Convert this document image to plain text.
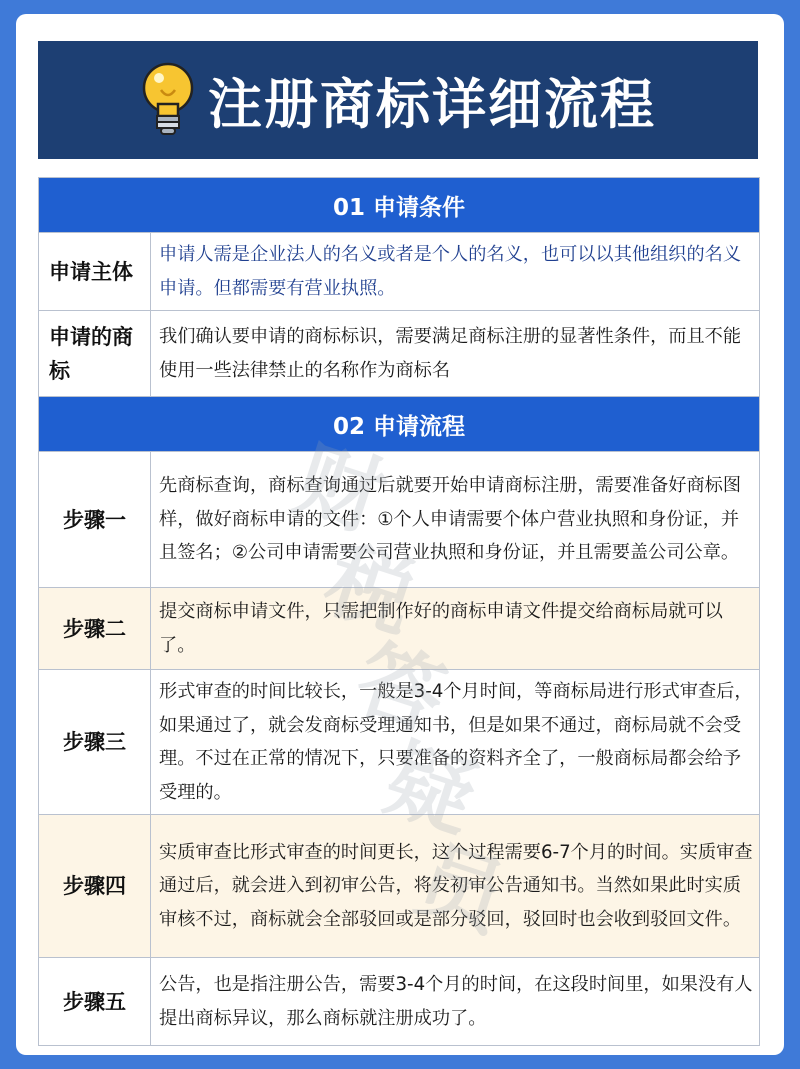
注册商标详细流程
01 申请条件	
申请主体	申请人需是企业法人的名义或者是个人的名义，也可以以其他组织的名义申请。但都需要有营业执照。
申请的商标	我们确认要申请的商标标识，需要满足商标注册的显著性条件，而且不能使用一些法律禁止的名称作为商标名
02 申请流程	
步骤一	先商标查询，商标查询通过后就要开始申请商标注册，需要准备好商标图样，做好商标申请的文件：①个人申请需要个体户营业执照和身份证，并且签名；②公司申请需要公司营业执照和身份证，并且需要盖公司公章。
步骤二	提交商标申请文件，只需把制作好的商标申请文件提交给商标局就可以了。
步骤三	形式审查的时间比较长，一般是3-4个月时间，等商标局进行形式审查后，如果通过了，就会发商标受理通知书，但是如果不通过，商标局就不会受理。不过在正常的情况下，只要准备的资料齐全了，一般商标局都会给予受理的。
步骤四	实质审查比形式审查的时间更长，这个过程需要6-7个月的时间。实质审查通过后，就会进入到初审公告，将发初审公告通知书。当然如果此时实质审核不过，商标就会全部驳回或是部分驳回，驳回时也会收到驳回文件。
步骤五	公告，也是指注册公告，需要3-4个月的时间，在这段时间里，如果没有人提出商标异议，那么商标就注册成功了。
财
税
答
疑
员
